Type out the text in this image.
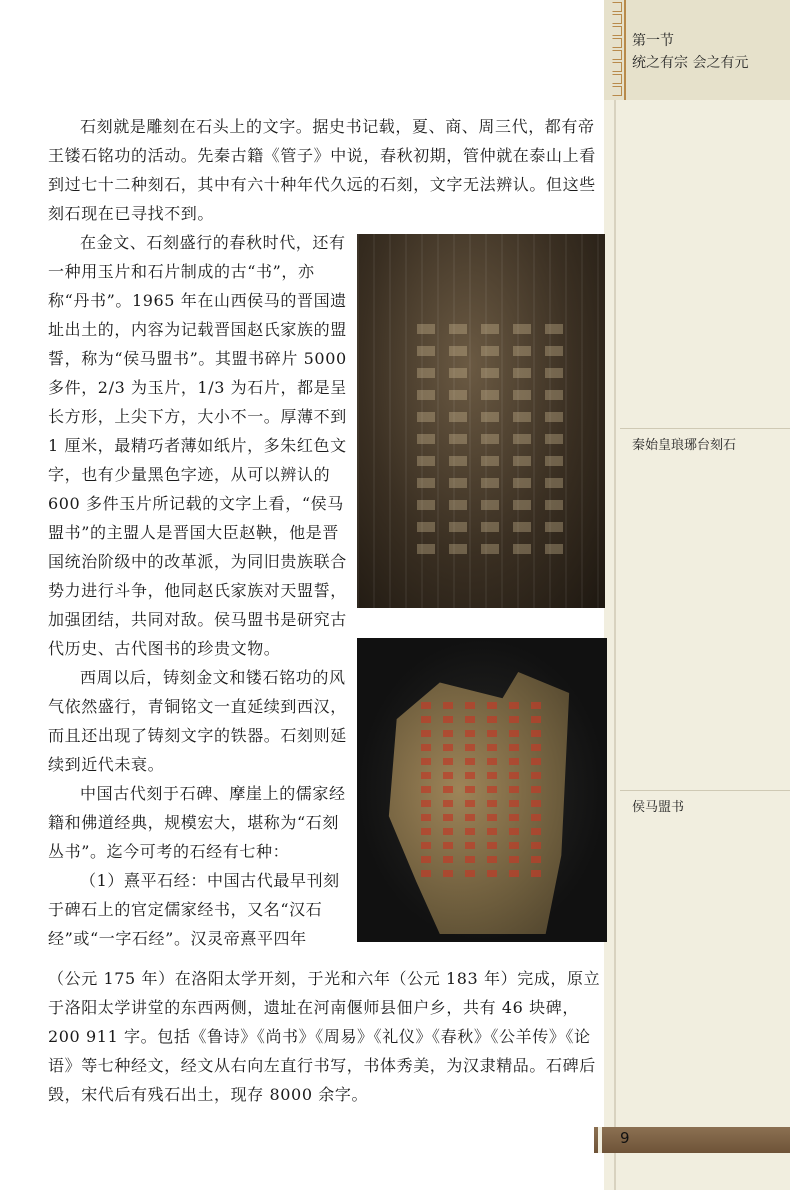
第一节
统之有宗 会之有元

石刻就是雕刻在石头上的文字。据史书记载，夏、商、周三代，都有帝王镂石铭功的活动。先秦古籍《管子》中说，春秋初期，管仲就在泰山上看到过七十二种刻石，其中有六十种年代久远的石刻，文字无法辨认。但这些刻石现在已寻找不到。

在金文、石刻盛行的春秋时代，还有一种用玉片和石片制成的古“书”，亦称“丹书”。1965 年在山西侯马的晋国遗址出土的，内容为记载晋国赵氏家族的盟誓，称为“侯马盟书”。其盟书碎片 5000 多件，2/3 为玉片，1/3 为石片，都是呈长方形，上尖下方，大小不一。厚薄不到 1 厘米，最精巧者薄如纸片，多朱红色文字，也有少量黑色字迹，从可以辨认的 600 多件玉片所记载的文字上看，“侯马盟书”的主盟人是晋国大臣赵鞅，他是晋国统治阶级中的改革派，为同旧贵族联合势力进行斗争，他同赵氏家族对天盟誓，加强团结，共同对敌。侯马盟书是研究古代历史、古代图书的珍贵文物。

西周以后，铸刻金文和镂石铭功的风气依然盛行，青铜铭文一直延续到西汉，而且还出现了铸刻文字的铁器。石刻则延续到近代未衰。

中国古代刻于石碑、摩崖上的儒家经籍和佛道经典，规模宏大，堪称为“石刻丛书”。迄今可考的石经有七种：

（1）熹平石经：中国古代最早刊刻于碑石上的官定儒家经书，又名“汉石经”或“一字石经”。汉灵帝熹平四年

（公元 175 年）在洛阳太学开刻，于光和六年（公元 183 年）完成，原立于洛阳太学讲堂的东西两侧，遗址在河南偃师县佃户乡，共有 46 块碑，200 911 字。包括《鲁诗》《尚书》《周易》《礼仪》《春秋》《公羊传》《论语》等七种经文，经文从右向左直行书写，书体秀美，为汉隶精品。石碑后毁，宋代后有残石出土，现存 8000 余字。

秦始皇琅琊台刻石
侯马盟书
9
